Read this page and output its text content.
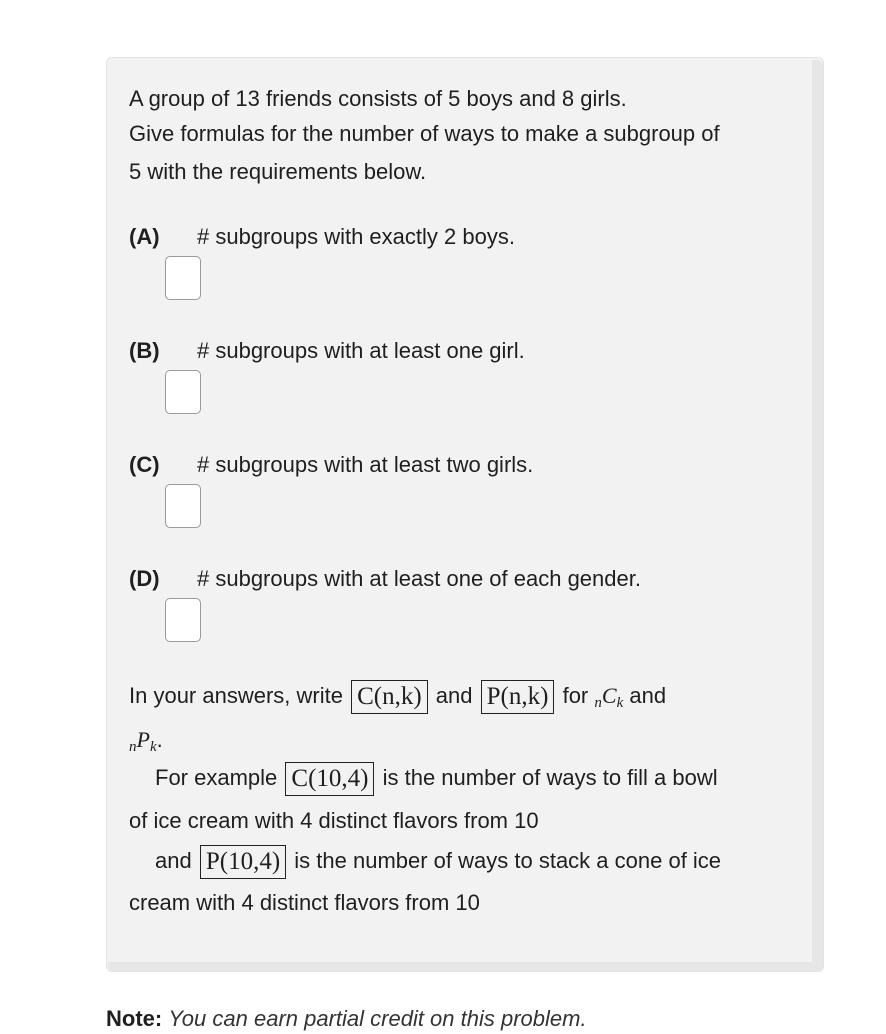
A group of 13 friends consists of 5 boys and 8 girls.
Give formulas for the number of ways to make a subgroup of
5 with the requirements below.
(A) # subgroups with exactly 2 boys.
(B) # subgroups with at least one girl.
(C) # subgroups with at least two girls.
(D) # subgroups with at least one of each gender.
In your answers, write C(n,k) and P(n,k) for $_nC_k$ and
$_nP_k$.
For example C(10,4) is the number of ways to fill a bowl
of ice cream with 4 distinct flavors from 10
and P(10,4) is the number of ways to stack a cone of ice
cream with 4 distinct flavors from 10
Note: You can earn partial credit on this problem.
